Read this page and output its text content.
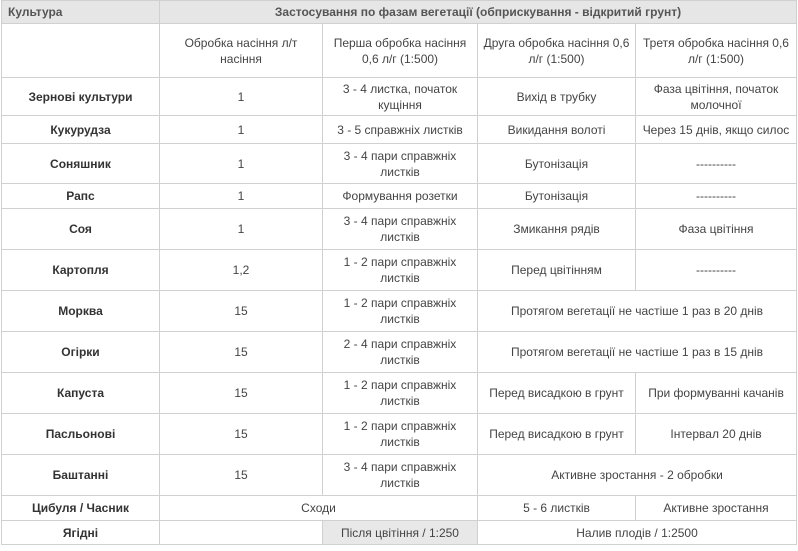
Культура	Застосування по фазам вегетації (обприскування - відкритий грунт)			
	Обробка насіння л/т насіння	Перша обробка насіння 0,6 л/г (1:500)	Друга обробка насіння 0,6 л/г (1:500)	Третя обробка насіння 0,6 л/г (1:500)
Зернові культури	1	3 - 4 листка, початок кущіння	Вихід в трубку	Фаза цвітіння, початок молочної
Кукурудза	1	3 - 5 справжніх листків	Викидання волоті	Через 15 днів, якщо силос
Соняшник	1	3 - 4 пари справжніх листків	Бутонізація	----------
Рапс	1	Формування розетки	Бутонізація	----------
Соя	1	3 - 4 пари справжніх листків	Змикання рядів	Фаза цвітіння
Картопля	1,2	1 - 2 пари справжніх листків	Перед цвітінням	----------
Морква	15	1 - 2 пари справжніх листків	Протягом вегетації не частіше 1 раз в 20 днів	
Огірки	15	2 - 4 пари справжніх листків	Протягом вегетації не частіше 1 раз в 15 днів	
Капуста	15	1 - 2 пари справжніх листків	Перед висадкою в грунт	При формуванні качанів
Пасльонові	15	1 - 2 пари справжніх листків	Перед висадкою в грунт	Інтервал 20 днів
Баштанні	15	3 - 4 пари справжніх листків	Активне зростання - 2 обробки	
Цибуля / Часник	Сходи		5 - 6 листків	Активне зростання
Ягідні		Після цвітіння / 1:250	Налив плодів / 1:2500	
